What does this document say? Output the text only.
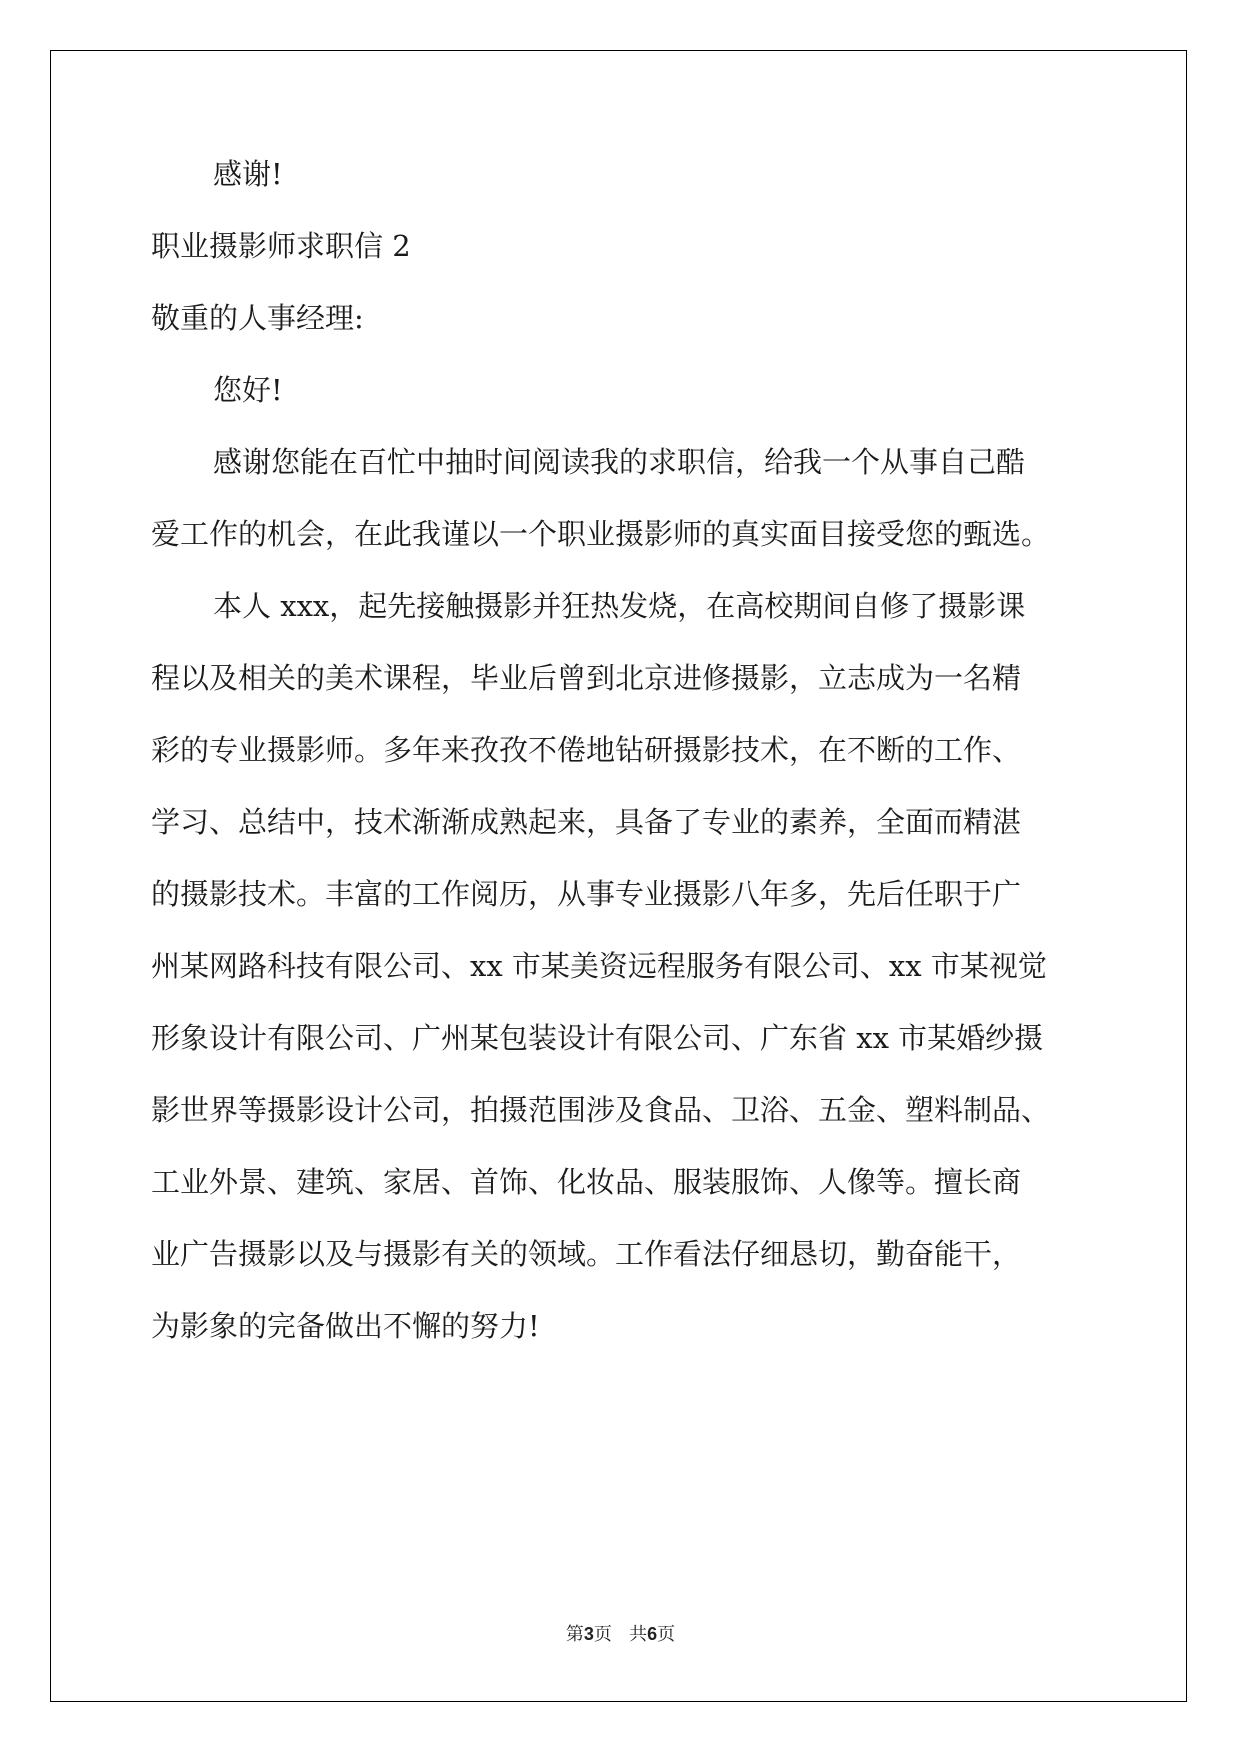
感谢!

职业摄影师求职信 2

敬重的人事经理:

您好!

感谢您能在百忙中抽时间阅读我的求职信，给我一个从事自己酷

爱工作的机会，在此我谨以一个职业摄影师的真实面目接受您的甄选。

本人 xxx，起先接触摄影并狂热发烧，在高校期间自修了摄影课

程以及相关的美术课程，毕业后曾到北京进修摄影，立志成为一名精

彩的专业摄影师。多年来孜孜不倦地钻研摄影技术，在不断的工作、

学习、总结中，技术渐渐成熟起来，具备了专业的素养，全面而精湛

的摄影技术。丰富的工作阅历，从事专业摄影八年多，先后任职于广

州某网路科技有限公司、xx 市某美资远程服务有限公司、xx 市某视觉

形象设计有限公司、广州某包装设计有限公司、广东省 xx 市某婚纱摄

影世界等摄影设计公司，拍摄范围涉及食品、卫浴、五金、塑料制品、

工业外景、建筑、家居、首饰、化妆品、服装服饰、人像等。擅长商

业广告摄影以及与摄影有关的领域。工作看法仔细恳切，勤奋能干，

为影象的完备做出不懈的努力!

第3页 共6页
